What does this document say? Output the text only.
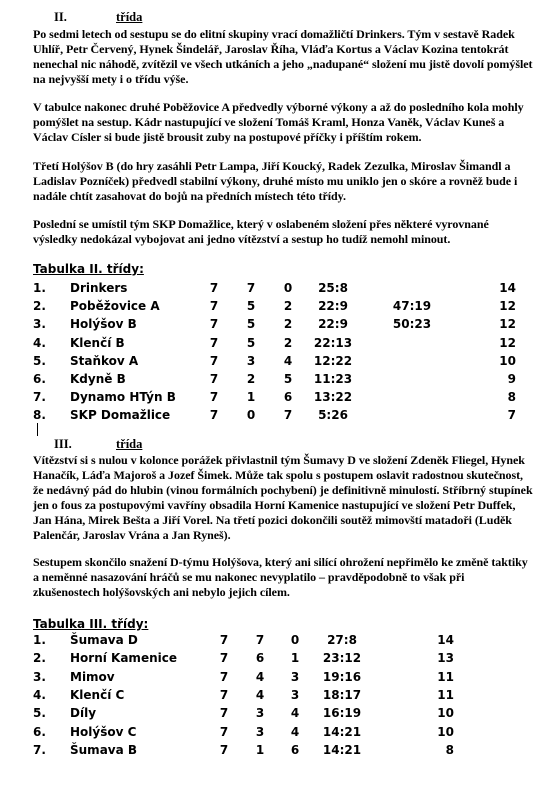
II.	třída

Po sedmi letech od sestupu se do elitní skupiny vrací domažličtí Drinkers. Tým v sestavě Radek Uhlíř, Petr Červený, Hynek Šindelář, Jaroslav Říha, Vláďa Kortus a Václav Kozina tentokrát nenechal nic náhodě, zvítězil ve všech utkáních a jeho „nadupané“ složení mu jistě dovolí pomýšlet na nejvyšší mety i o třídu výše.

V tabulce nakonec druhé Poběžovice A předvedly výborné výkony a až do posledního kola mohly pomýšlet na sestup. Kádr nastupující ve složení Tomáš Kraml, Honza Vaněk, Václav Kuneš a Václav Císler si bude jistě brousit zuby na postupové příčky i příštím rokem.

Třetí Holýšov B (do hry zasáhli Petr Lampa, Jiří Koucký, Radek Zezulka, Miroslav Šimandl a Ladislav Pozníček) předvedl stabilní výkony, druhé místo mu uniklo jen o skóre a rovněž bude i nadále chtít zasahovat do bojů na předních místech této třídy.

Poslední se umístil tým SKP Domažlice, který v oslabeném složení přes některé vyrovnané výsledky nedokázal vybojovat ani jedno vítězství a sestup ho tudíž nemohl minout.

Tabulka II. třídy:
1. Drinkers	7 7 0 25:8	14
2. Poběžovice A	7 5 2 22:9	47:19	12
3. Holýšov B	7 5 2 22:9	50:23	12
4. Klenčí B	7 5 2 22:13	12
5. Staňkov A	7 3 4 12:22	10
6. Kdyně B	7 2 5 11:23	9
7. Dynamo HTýn B	7 1 6 13:22	8
8. SKP Domažlice	7 0 7 5:26	7
III.	třída

Vítězství si s nulou v kolonce porážek přivlastnil tým Šumavy D ve složení Zdeněk Fliegel, Hynek Hanačík, Láďa Majoroš a Jozef Šimek. Může tak spolu s postupem oslavit radostnou skutečnost, že nedávný pád do hlubin (vinou formálních pochybení) je definitivně minulostí. Stříbrný stupínek jen o fous za postupovými vavříny obsadila Horní Kamenice nastupující ve složení Petr Duffek, Jan Hána, Mirek Bešta a Jiří Vorel. Na třetí pozici dokončili soutěž mimovští matadoři (Luděk Palenčár, Jaroslav Vrána a Jan Ryneš).

Sestupem skončilo snažení D-týmu Holýšova, který ani silící ohrožení nepřimělo ke změně taktiky a neměnné nasazování hráčů se mu nakonec nevyplatilo – pravděpodobně to však při zkušenostech holýšovských ani nebylo jejich cílem.

Tabulka III. třídy:
1. Šumava D	7 7 0 27:8	14
2. Horní Kamenice	7 6 1 23:12	13
3. Mimov	7 4 3 19:16	11
4. Klenčí C	7 4 3 18:17	11
5. Díly	7 3 4 16:19	10
6. Holýšov C	7 3 4 14:21	10
7. Šumava B	7 1 6 14:21	8
